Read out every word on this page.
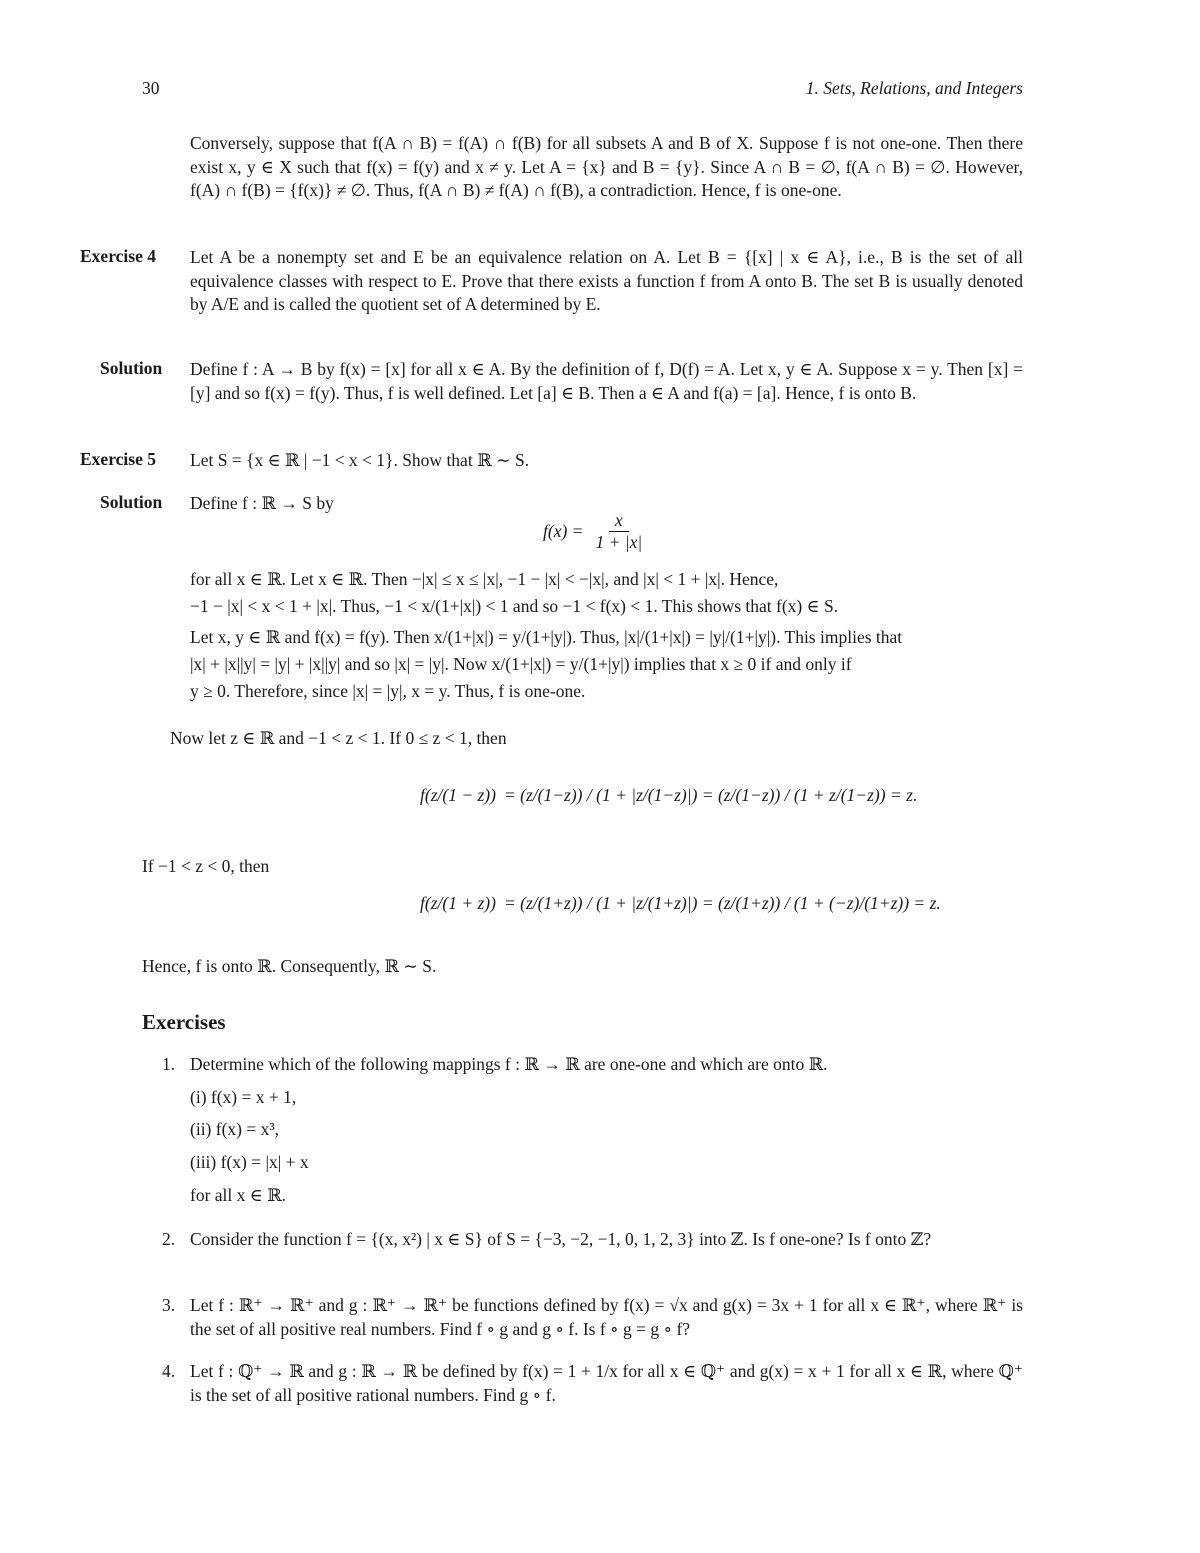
30	1. Sets, Relations, and Integers
Conversely, suppose that f(A ∩ B) = f(A) ∩ f(B) for all subsets A and B of X. Suppose f is not one-one. Then there exist x, y ∈ X such that f(x) = f(y) and x ≠ y. Let A = {x} and B = {y}. Since A ∩ B = ∅, f(A ∩ B) = ∅. However, f(A) ∩ f(B) = {f(x)} ≠ ∅. Thus, f(A ∩ B) ≠ f(A) ∩ f(B), a contradiction. Hence, f is one-one.
Exercise 4 Let A be a nonempty set and E be an equivalence relation on A. Let B = {[x] | x ∈ A}, i.e., B is the set of all equivalence classes with respect to E. Prove that there exists a function f from A onto B. The set B is usually denoted by A/E and is called the quotient set of A determined by E.
Solution Define f : A → B by f(x) = [x] for all x ∈ A. By the definition of f, D(f) = A. Let x, y ∈ A. Suppose x = y. Then [x] = [y] and so f(x) = f(y). Thus, f is well defined. Let [a] ∈ B. Then a ∈ A and f(a) = [a]. Hence, f is onto B.
Exercise 5 Let S = {x ∈ ℝ | −1 < x < 1}. Show that ℝ ∼ S.
Solution Define f : ℝ → S by
$f(x) = \frac{x}{1 + |x|}$
for all x ∈ ℝ. Let x ∈ ℝ. Then −|x| ≤ x ≤ |x|, −1 − |x| < −|x|, and |x| < 1 + |x|. Hence,
−1 − |x| < x < 1 + |x|. Thus, −1 < x/(1+|x|) < 1 and so −1 < f(x) < 1. This shows that f(x) ∈ S.
Let x, y ∈ ℝ and f(x) = f(y). Then x/(1+|x|) = y/(1+|y|). Thus, |x|/(1+|x|) = |y|/(1+|y|). This implies that
|x| + |x||y| = |y| + |x||y| and so |x| = |y|. Now x/(1+|x|) = y/(1+|y|) implies that x ≥ 0 if and only if
y ≥ 0. Therefore, since |x| = |y|, x = y. Thus, f is one-one.
Now let z ∈ ℝ and −1 < z < 1. If 0 ≤ z < 1, then
f(z/(1 − z)) = (z/(1−z)) / (1 + |z/(1−z)|) = (z/(1−z)) / (1 + z/(1−z)) = z.
If −1 < z < 0, then
f(z/(1 + z)) = (z/(1+z)) / (1 + |z/(1+z)|) = (z/(1+z)) / (1 + (−z)/(1+z)) = z.
Hence, f is onto ℝ. Consequently, ℝ ∼ S.
Exercises
1. Determine which of the following mappings f : ℝ → ℝ are one-one and which are onto ℝ.
(i) f(x) = x + 1,
(ii) f(x) = x³,
(iii) f(x) = |x| + x
for all x ∈ ℝ.
2. Consider the function f = {(x, x²) | x ∈ S} of S = {−3, −2, −1, 0, 1, 2, 3} into ℤ. Is f one-one? Is f onto ℤ?
3. Let f : ℝ⁺ → ℝ⁺ and g : ℝ⁺ → ℝ⁺ be functions defined by f(x) = √x and g(x) = 3x + 1 for all x ∈ ℝ⁺, where ℝ⁺ is the set of all positive real numbers. Find f ∘ g and g ∘ f. Is f ∘ g = g ∘ f?
4. Let f : ℚ⁺ → ℝ and g : ℝ → ℝ be defined by f(x) = 1 + 1/x for all x ∈ ℚ⁺ and g(x) = x + 1 for all x ∈ ℝ, where ℚ⁺ is the set of all positive rational numbers. Find g ∘ f.
